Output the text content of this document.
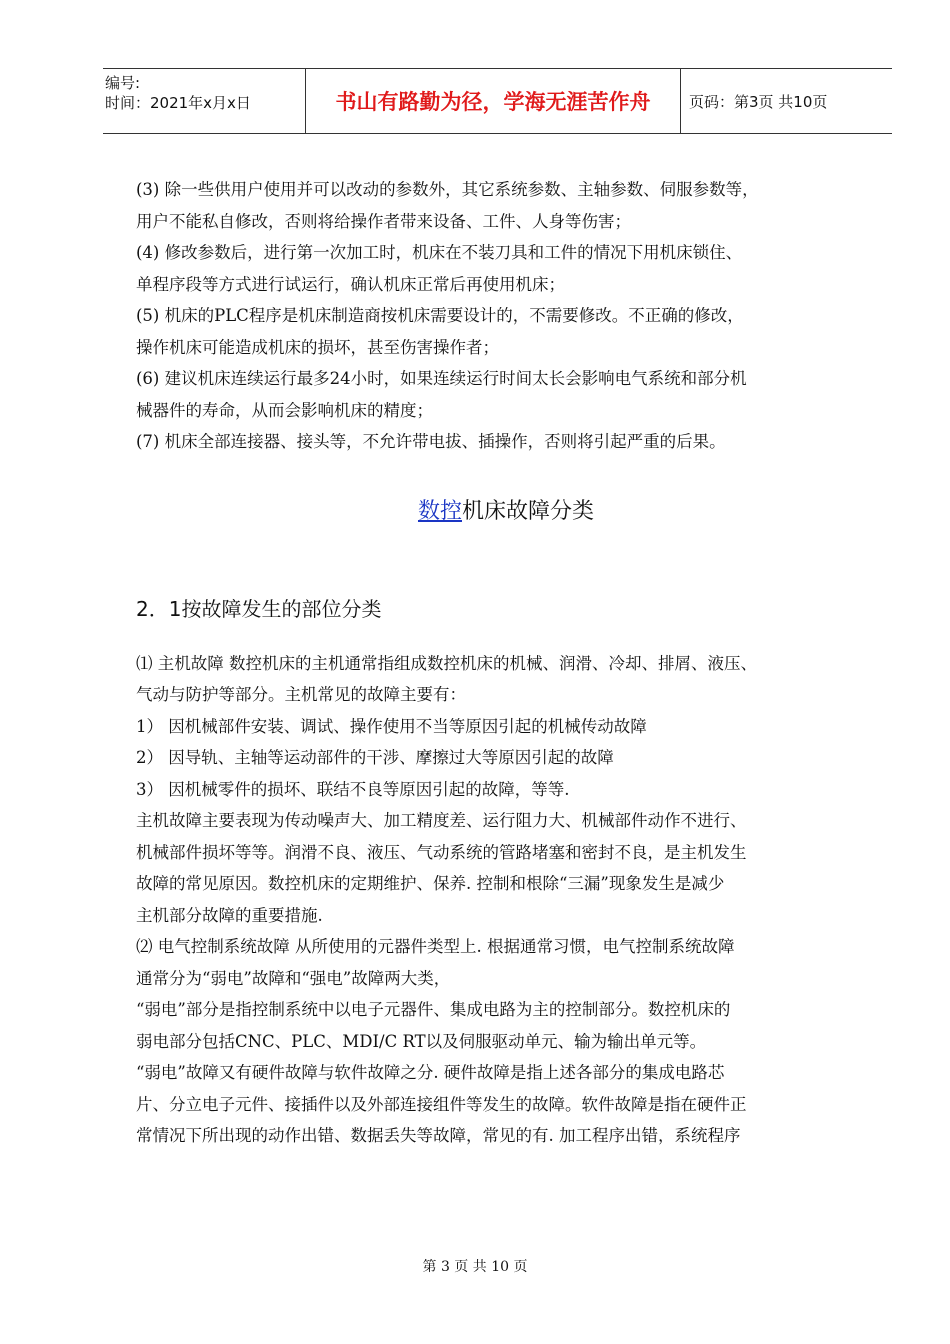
编号:
时间：2021年x月x日	书山有路勤为径，学海无涯苦作舟	页码：第3页 共10页

(3) 除一些供用户使用并可以改动的参数外，其它系统参数、主轴参数、伺服参数等，

用户不能私自修改，否则将给操作者带来设备、工件、人身等伤害；

(4) 修改参数后，进行第一次加工时，机床在不装刀具和工件的情况下用机床锁住、

单程序段等方式进行试运行，确认机床正常后再使用机床；

(5) 机床的PLC程序是机床制造商按机床需要设计的，不需要修改。不正确的修改，

操作机床可能造成机床的损坏，甚至伤害操作者；

(6) 建议机床连续运行最多24小时，如果连续运行时间太长会影响电气系统和部分机

械器件的寿命，从而会影响机床的精度；

(7) 机床全部连接器、接头等，不允许带电拔、插操作，否则将引起严重的后果。

数控机床故障分类
2．1按故障发生的部位分类

⑴ 主机故障 数控机床的主机通常指组成数控机床的机械、润滑、冷却、排屑、液压、

气动与防护等部分。主机常见的故障主要有：

1） 因机械部件安装、调试、操作使用不当等原因引起的机械传动故障

2） 因导轨、主轴等运动部件的干涉、摩擦过大等原因引起的故障

3） 因机械零件的损坏、联结不良等原因引起的故障，等等.

主机故障主要表现为传动噪声大、加工精度差、运行阻力大、机械部件动作不进行、

机械部件损坏等等。润滑不良、液压、气动系统的管路堵塞和密封不良，是主机发生

故障的常见原因。数控机床的定期维护、保养. 控制和根除“三漏”现象发生是减少

主机部分故障的重要措施.

⑵ 电气控制系统故障 从所使用的元器件类型上. 根据通常习惯，电气控制系统故障

通常分为“弱电”故障和“强电”故障两大类，

“弱电”部分是指控制系统中以电子元器件、集成电路为主的控制部分。数控机床的

弱电部分包括CNC、PLC、MDI/C RT以及伺服驱动单元、输为输出单元等。

“弱电”故障又有硬件故障与软件故障之分. 硬件故障是指上述各部分的集成电路芯

片、分立电子元件、接插件以及外部连接组件等发生的故障。软件故障是指在硬件正

常情况下所出现的动作出错、数据丢失等故障，常见的有. 加工程序出错，系统程序

第 3 页 共 10 页
